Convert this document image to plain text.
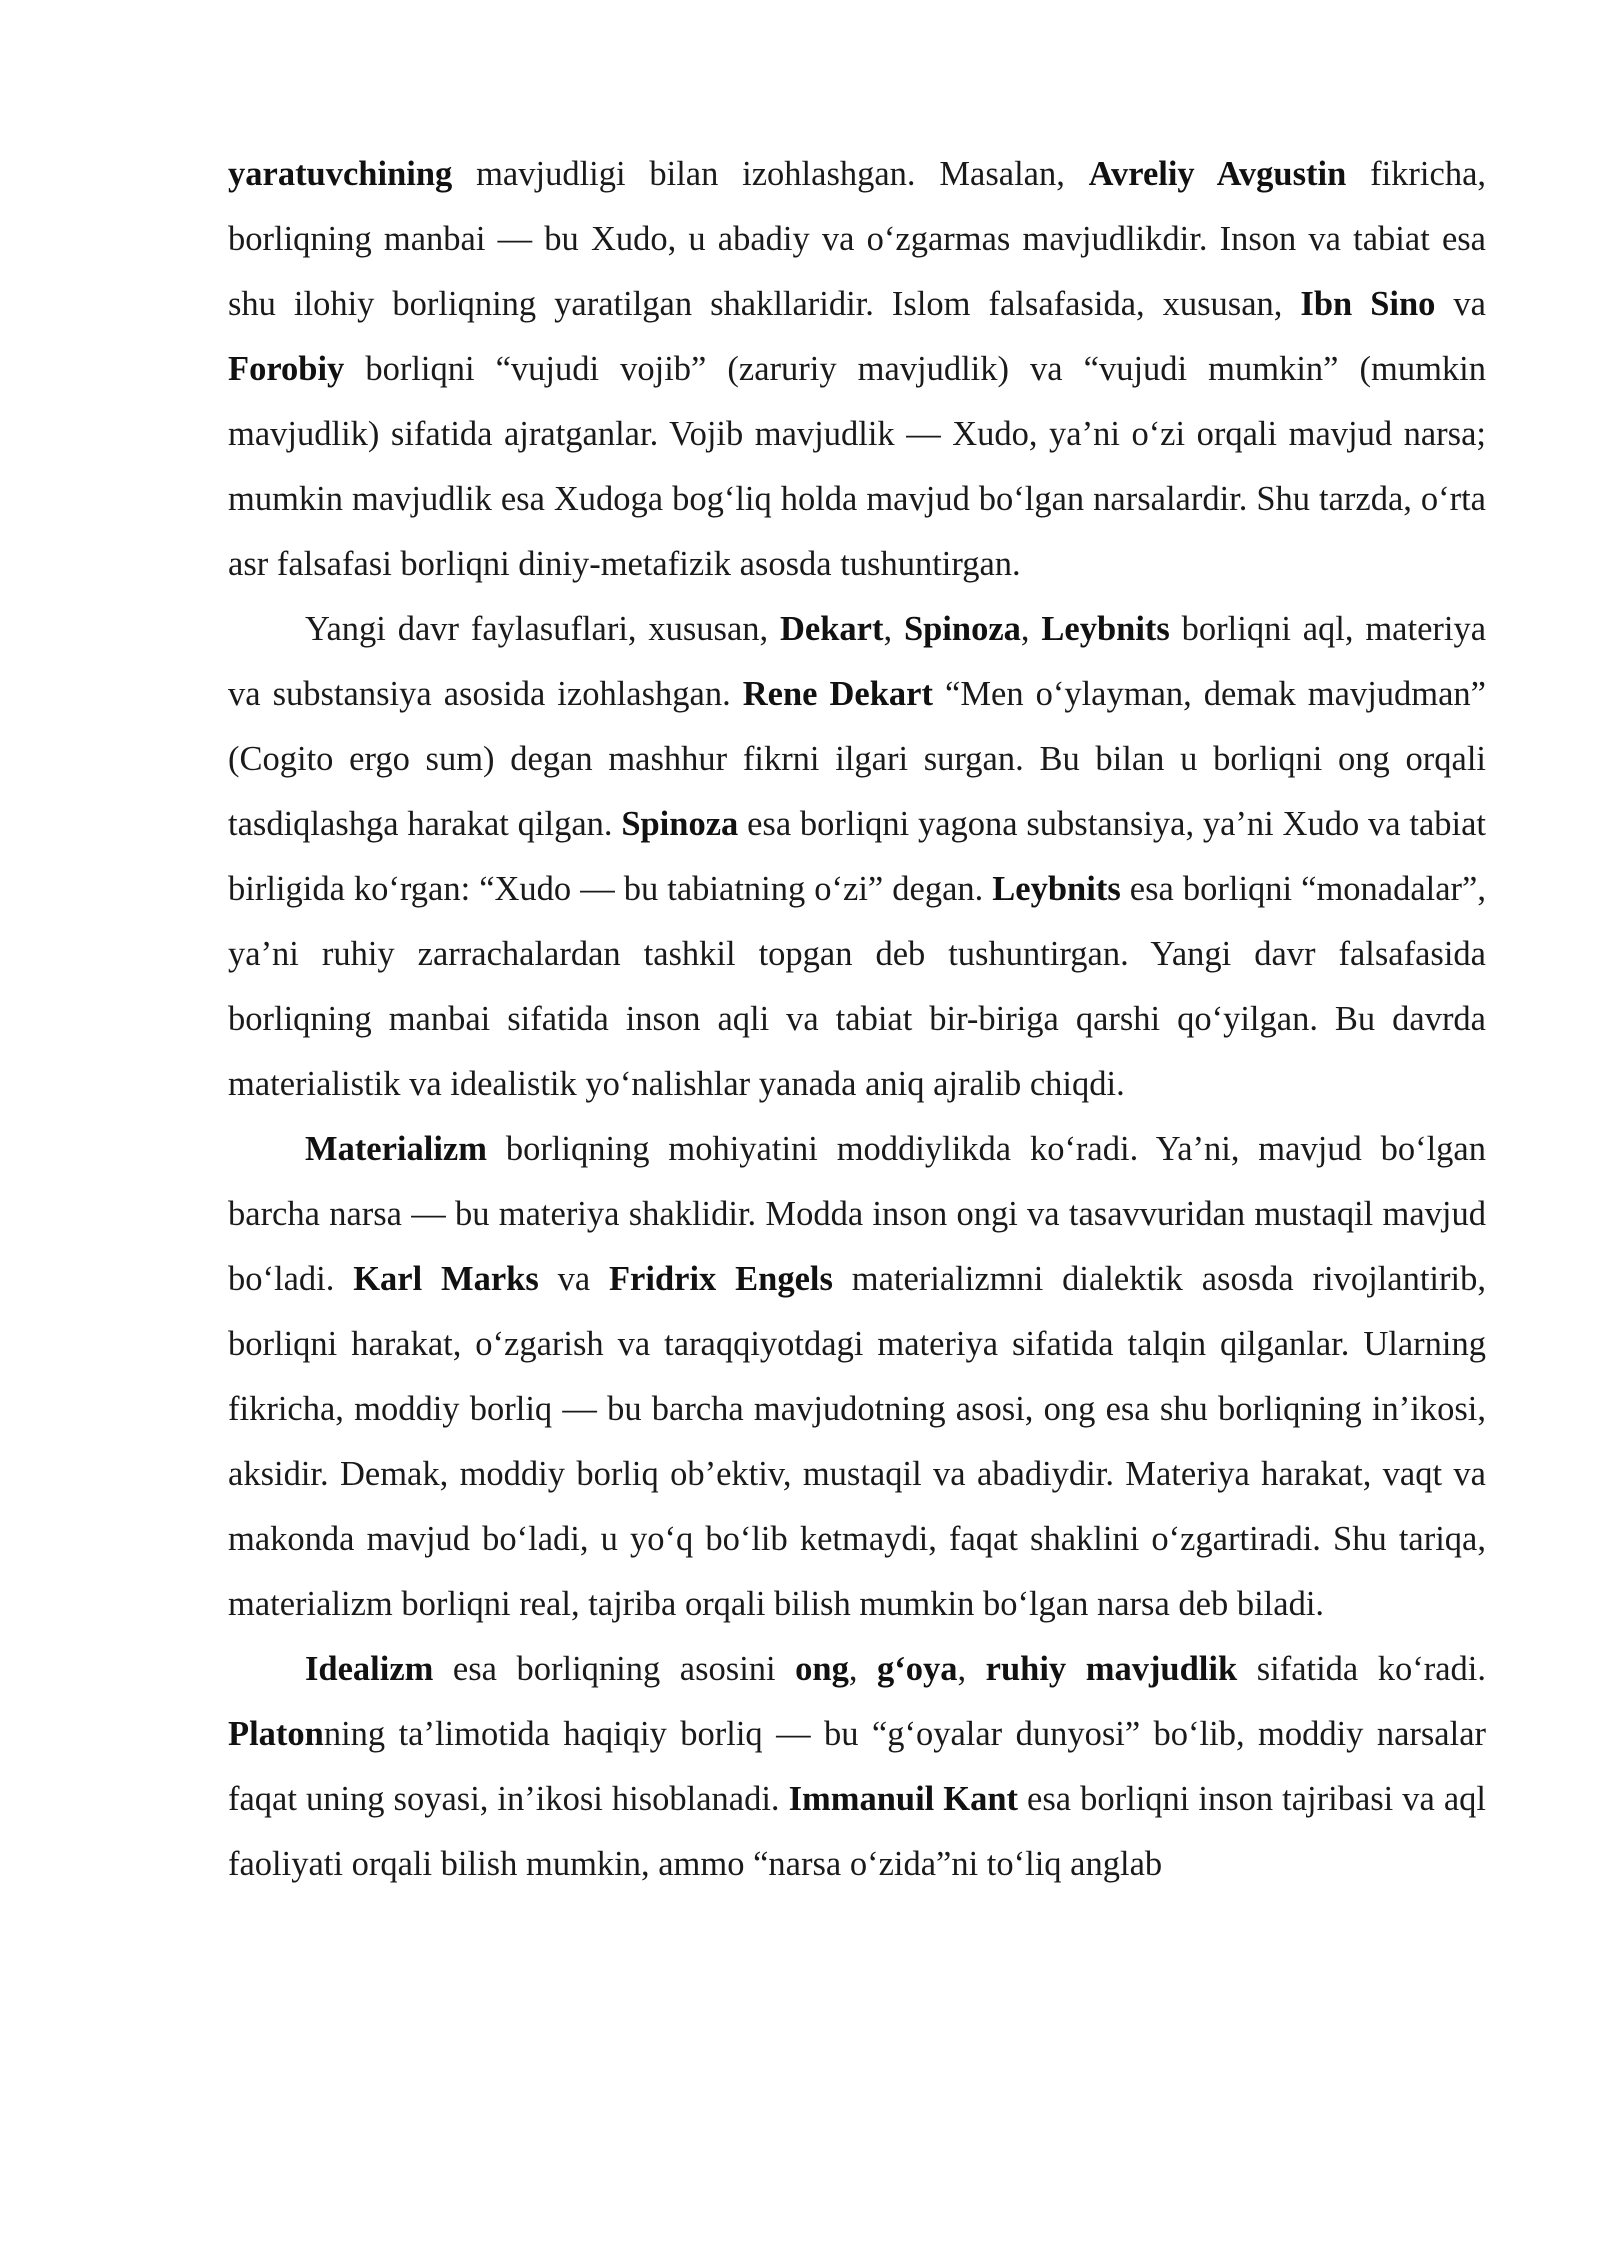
yaratuvchining mavjudligi bilan izohlashgan. Masalan, Avreliy Avgustin fikricha, borliqning manbai — bu Xudo, u abadiy va oʻzgarmas mavjudlikdir. Inson va tabiat esa shu ilohiy borliqning yaratilgan shakllaridir. Islom falsafasida, xususan, Ibn Sino va Forobiy borliqni “vujudi vojib” (zaruriy mavjudlik) va “vujudi mumkin” (mumkin mavjudlik) sifatida ajratganlar. Vojib mavjudlik — Xudo, ya’ni oʻzi orqali mavjud narsa; mumkin mavjudlik esa Xudoga bogʻliq holda mavjud boʻlgan narsalardir. Shu tarzda, oʻrta asr falsafasi borliqni diniy-metafizik asosda tushuntirgan.

Yangi davr faylasuflari, xususan, Dekart, Spinoza, Leybnits borliqni aql, materiya va substansiya asosida izohlashgan. Rene Dekart “Men oʻylayman, demak mavjudman” (Cogito ergo sum) degan mashhur fikrni ilgari surgan. Bu bilan u borliqni ong orqali tasdiqlashga harakat qilgan. Spinoza esa borliqni yagona substansiya, ya’ni Xudo va tabiat birligida koʻrgan: “Xudo — bu tabiatning oʻzi” degan. Leybnits esa borliqni “monadalar”, ya’ni ruhiy zarrachalardan tashkil topgan deb tushuntirgan. Yangi davr falsafasida borliqning manbai sifatida inson aqli va tabiat bir-biriga qarshi qoʻyilgan. Bu davrda materialistik va idealistik yoʻnalishlar yanada aniq ajralib chiqdi.

Materializm borliqning mohiyatini moddiylikda koʻradi. Ya’ni, mavjud boʻlgan barcha narsa — bu materiya shaklidir. Modda inson ongi va tasavvuridan mustaqil mavjud boʻladi. Karl Marks va Fridrix Engels materializmni dialektik asosda rivojlantirib, borliqni harakat, oʻzgarish va taraqqiyotdagi materiya sifatida talqin qilganlar. Ularning fikricha, moddiy borliq — bu barcha mavjudotning asosi, ong esa shu borliqning in’ikosi, aksidir. Demak, moddiy borliq ob’ektiv, mustaqil va abadiydir. Materiya harakat, vaqt va makonda mavjud boʻladi, u yoʻq boʻlib ketmaydi, faqat shaklini oʻzgartiradi. Shu tariqa, materializm borliqni real, tajriba orqali bilish mumkin boʻlgan narsa deb biladi.

Idealizm esa borliqning asosini ong, gʻoya, ruhiy mavjudlik sifatida koʻradi. Platonning ta’limotida haqiqiy borliq — bu “gʻoyalar dunyosi” boʻlib, moddiy narsalar faqat uning soyasi, in’ikosi hisoblanadi. Immanuil Kant esa borliqni inson tajribasi va aql faoliyati orqali bilish mumkin, ammo “narsa oʻzida”ni toʻliq anglab
